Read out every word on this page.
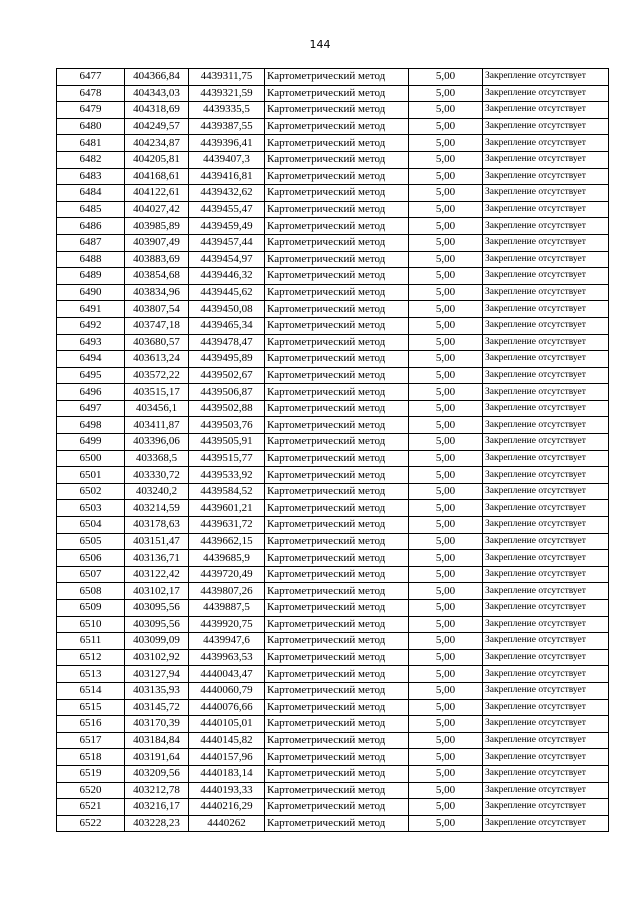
144
6477	404366,84	4439311,75	Картометрический метод	5,00	Закрепление отсутствует
6478	404343,03	4439321,59	Картометрический метод	5,00	Закрепление отсутствует
6479	404318,69	4439335,5	Картометрический метод	5,00	Закрепление отсутствует
6480	404249,57	4439387,55	Картометрический метод	5,00	Закрепление отсутствует
6481	404234,87	4439396,41	Картометрический метод	5,00	Закрепление отсутствует
6482	404205,81	4439407,3	Картометрический метод	5,00	Закрепление отсутствует
6483	404168,61	4439416,81	Картометрический метод	5,00	Закрепление отсутствует
6484	404122,61	4439432,62	Картометрический метод	5,00	Закрепление отсутствует
6485	404027,42	4439455,47	Картометрический метод	5,00	Закрепление отсутствует
6486	403985,89	4439459,49	Картометрический метод	5,00	Закрепление отсутствует
6487	403907,49	4439457,44	Картометрический метод	5,00	Закрепление отсутствует
6488	403883,69	4439454,97	Картометрический метод	5,00	Закрепление отсутствует
6489	403854,68	4439446,32	Картометрический метод	5,00	Закрепление отсутствует
6490	403834,96	4439445,62	Картометрический метод	5,00	Закрепление отсутствует
6491	403807,54	4439450,08	Картометрический метод	5,00	Закрепление отсутствует
6492	403747,18	4439465,34	Картометрический метод	5,00	Закрепление отсутствует
6493	403680,57	4439478,47	Картометрический метод	5,00	Закрепление отсутствует
6494	403613,24	4439495,89	Картометрический метод	5,00	Закрепление отсутствует
6495	403572,22	4439502,67	Картометрический метод	5,00	Закрепление отсутствует
6496	403515,17	4439506,87	Картометрический метод	5,00	Закрепление отсутствует
6497	403456,1	4439502,88	Картометрический метод	5,00	Закрепление отсутствует
6498	403411,87	4439503,76	Картометрический метод	5,00	Закрепление отсутствует
6499	403396,06	4439505,91	Картометрический метод	5,00	Закрепление отсутствует
6500	403368,5	4439515,77	Картометрический метод	5,00	Закрепление отсутствует
6501	403330,72	4439533,92	Картометрический метод	5,00	Закрепление отсутствует
6502	403240,2	4439584,52	Картометрический метод	5,00	Закрепление отсутствует
6503	403214,59	4439601,21	Картометрический метод	5,00	Закрепление отсутствует
6504	403178,63	4439631,72	Картометрический метод	5,00	Закрепление отсутствует
6505	403151,47	4439662,15	Картометрический метод	5,00	Закрепление отсутствует
6506	403136,71	4439685,9	Картометрический метод	5,00	Закрепление отсутствует
6507	403122,42	4439720,49	Картометрический метод	5,00	Закрепление отсутствует
6508	403102,17	4439807,26	Картометрический метод	5,00	Закрепление отсутствует
6509	403095,56	4439887,5	Картометрический метод	5,00	Закрепление отсутствует
6510	403095,56	4439920,75	Картометрический метод	5,00	Закрепление отсутствует
6511	403099,09	4439947,6	Картометрический метод	5,00	Закрепление отсутствует
6512	403102,92	4439963,53	Картометрический метод	5,00	Закрепление отсутствует
6513	403127,94	4440043,47	Картометрический метод	5,00	Закрепление отсутствует
6514	403135,93	4440060,79	Картометрический метод	5,00	Закрепление отсутствует
6515	403145,72	4440076,66	Картометрический метод	5,00	Закрепление отсутствует
6516	403170,39	4440105,01	Картометрический метод	5,00	Закрепление отсутствует
6517	403184,84	4440145,82	Картометрический метод	5,00	Закрепление отсутствует
6518	403191,64	4440157,96	Картометрический метод	5,00	Закрепление отсутствует
6519	403209,56	4440183,14	Картометрический метод	5,00	Закрепление отсутствует
6520	403212,78	4440193,33	Картометрический метод	5,00	Закрепление отсутствует
6521	403216,17	4440216,29	Картометрический метод	5,00	Закрепление отсутствует
6522	403228,23	4440262	Картометрический метод	5,00	Закрепление отсутствует
